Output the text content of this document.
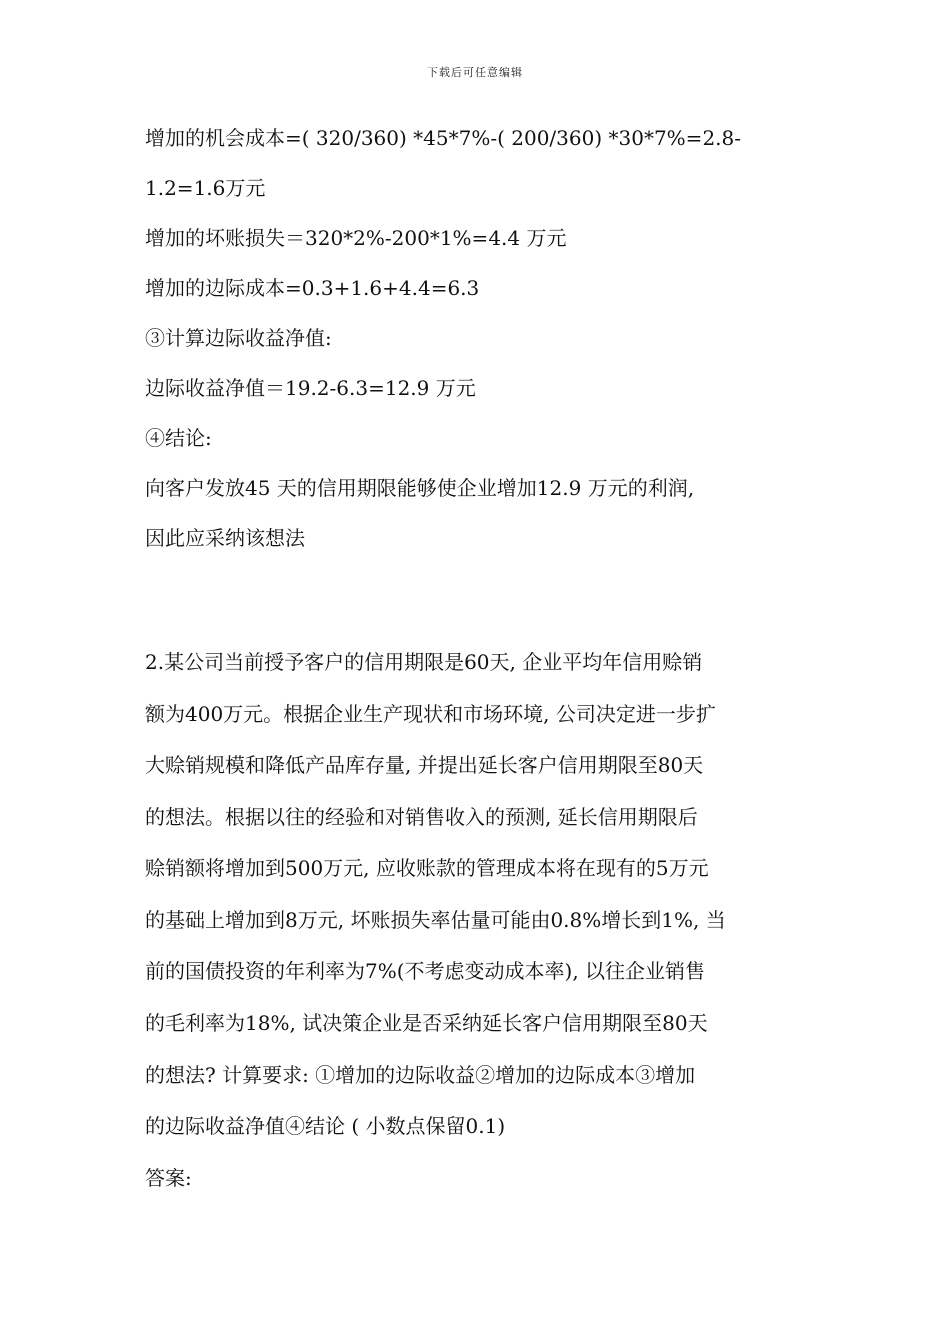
下载后可任意编辑
增加的机会成本=( 320/360) *45*7%-( 200/360) *30*7%=2.8-
1.2=1.6万元
增加的坏账损失＝320*2%-200*1%=4.4 万元
增加的边际成本=0.3+1.6+4.4=6.3
③计算边际收益净值:
边际收益净值＝19.2-6.3=12.9 万元
④结论:
向客户发放45 天的信用期限能够使企业增加12.9 万元的利润,
因此应采纳该想法
2.某公司当前授予客户的信用期限是60天, 企业平均年信用赊销
额为400万元。根据企业生产现状和市场环境, 公司决定进一步扩
大赊销规模和降低产品库存量, 并提出延长客户信用期限至80天
的想法。根据以往的经验和对销售收入的预测, 延长信用期限后
赊销额将增加到500万元, 应收账款的管理成本将在现有的5万元
的基础上增加到8万元, 坏账损失率估量可能由0.8%增长到1%, 当
前的国债投资的年利率为7%(不考虑变动成本率), 以往企业销售
的毛利率为18%, 试决策企业是否采纳延长客户信用期限至80天
的想法? 计算要求: ①增加的边际收益②增加的边际成本③增加
的边际收益净值④结论 ( 小数点保留0.1)
答案:
